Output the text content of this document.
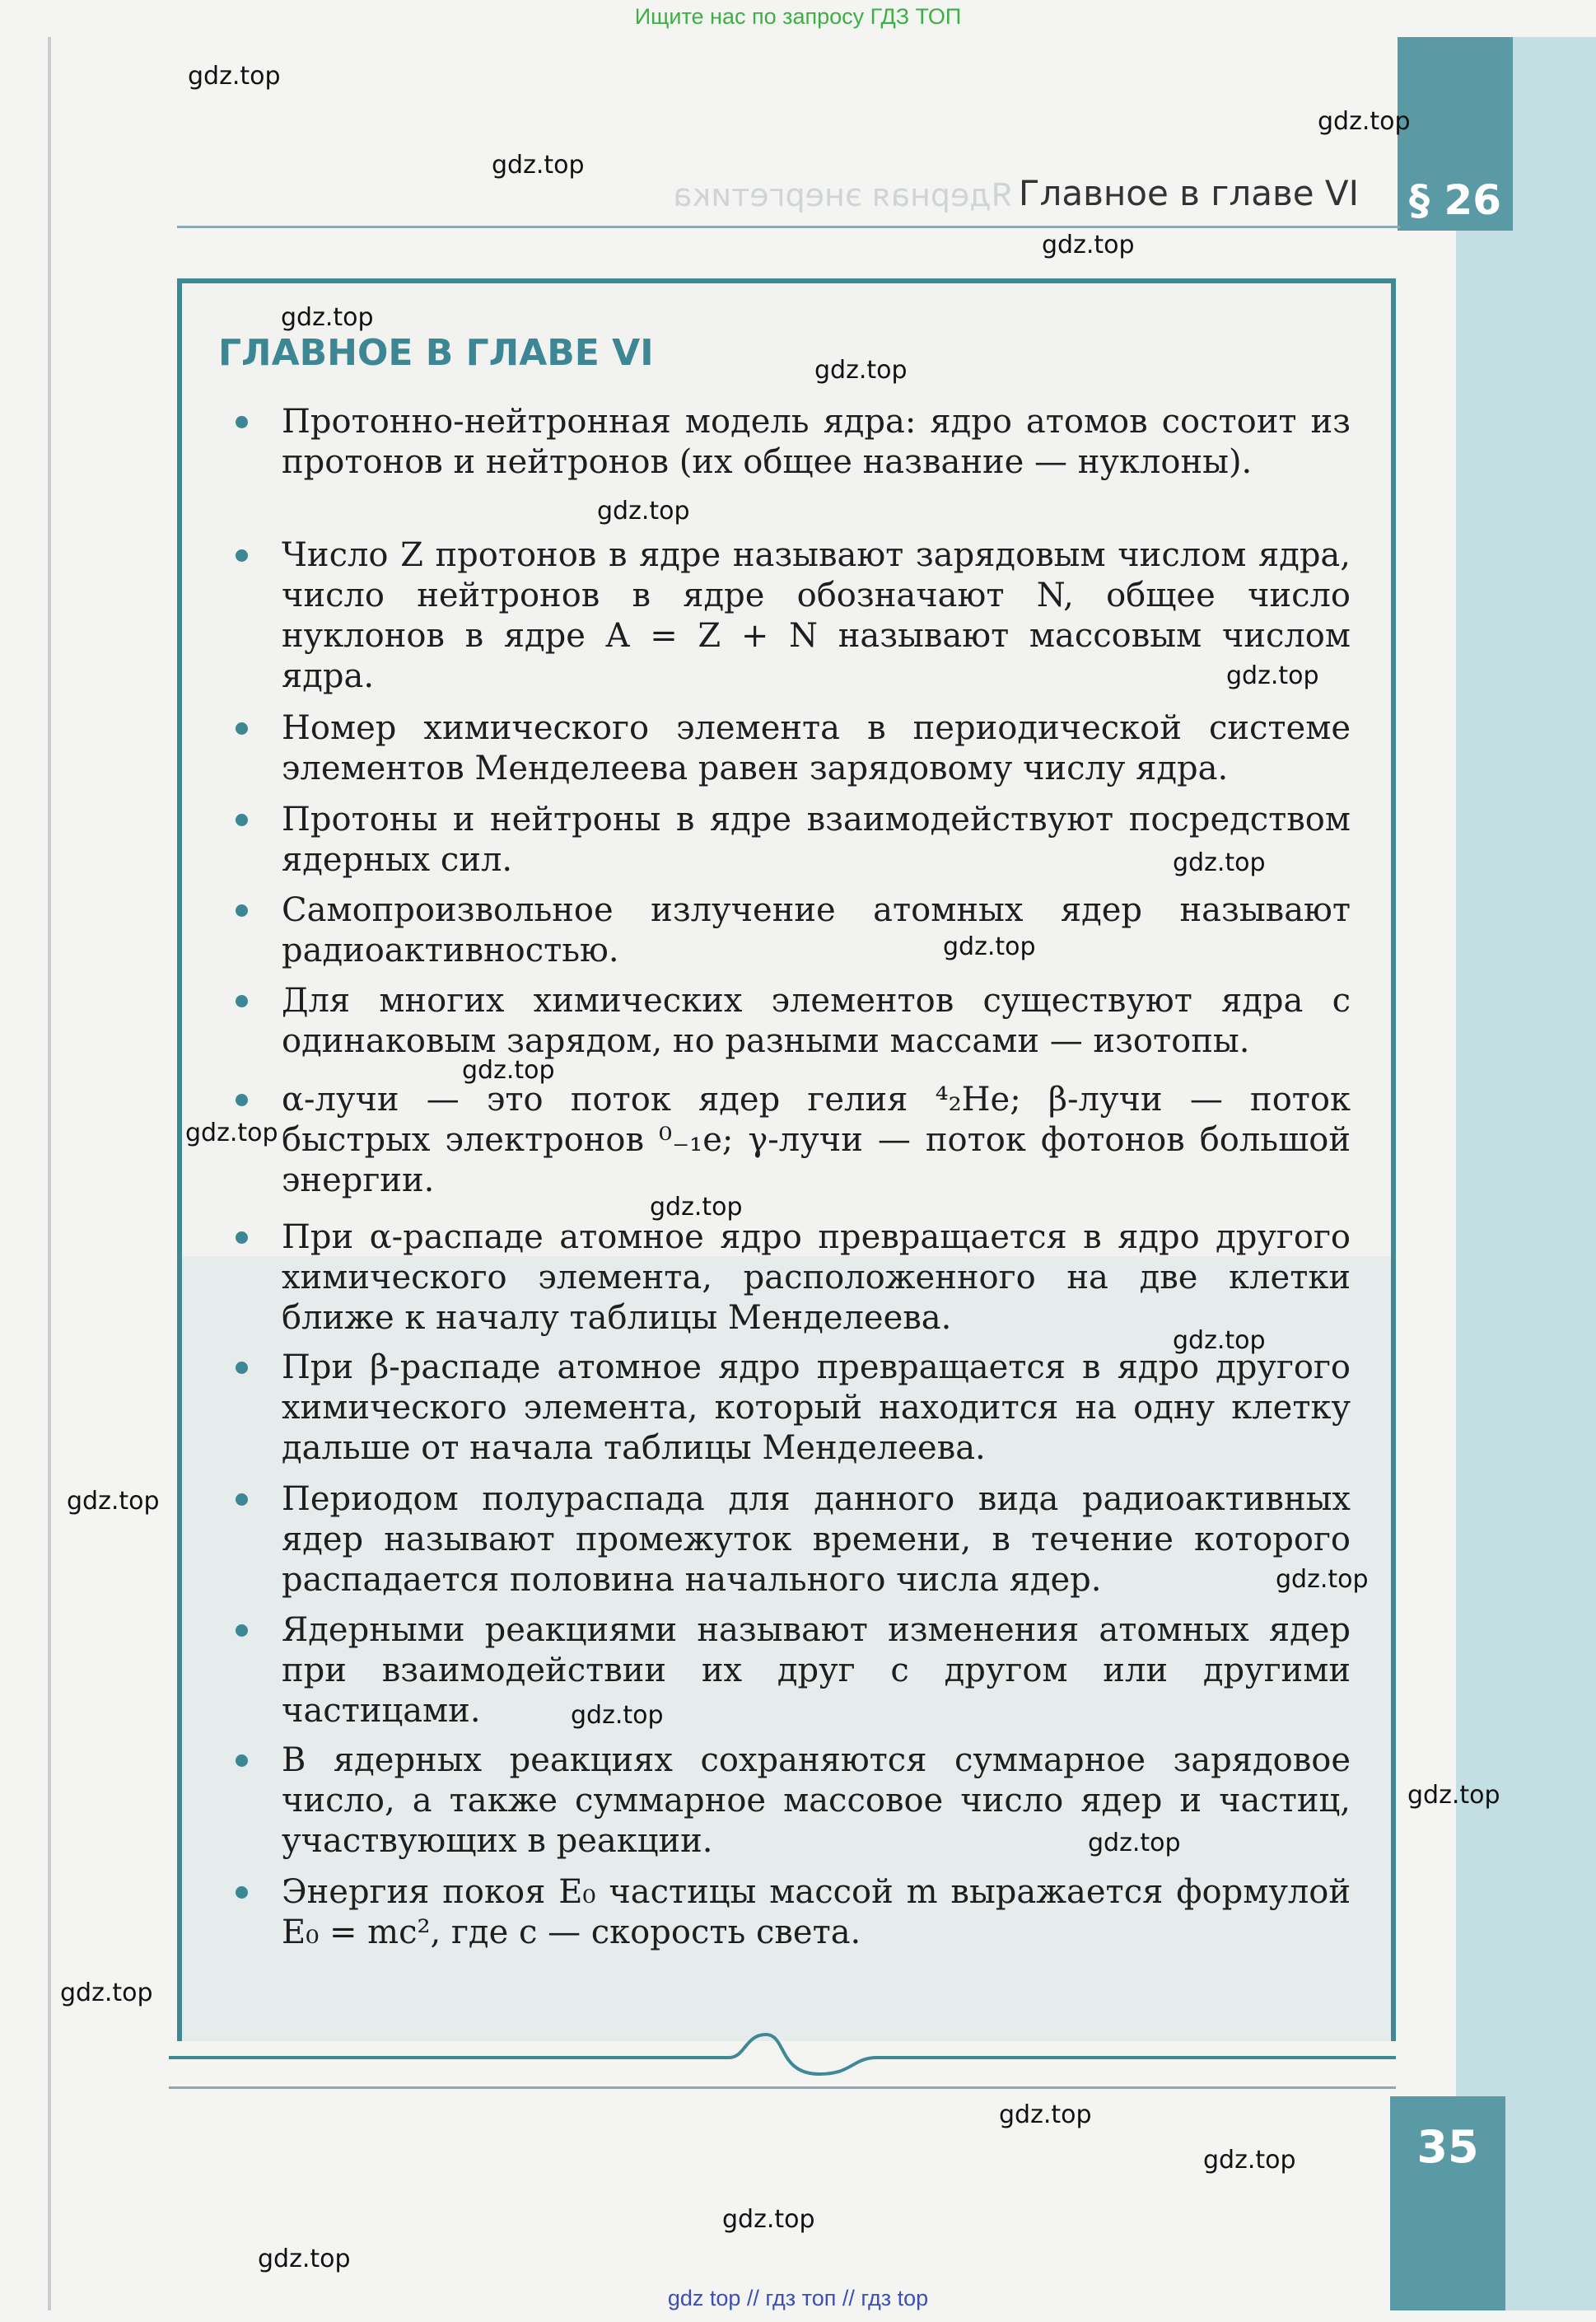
Ищите нас по запросу ГДЗ ТОП
Ядерная энергетика Главное в главе VI § 26
ГЛАВНОЕ В ГЛАВЕ VI
Протонно-нейтронная модель ядра: ядро атомов состоит из протонов и нейтронов (их общее название — нуклоны).
Число Z протонов в ядре называют зарядовым числом ядра, число нейтронов в ядре обозначают N, общее число нуклонов в ядре A = Z + N называют массовым числом ядра.
Номер химического элемента в периодической системе элементов Менделеева равен зарядовому числу ядра.
Протоны и нейтроны в ядре взаимодействуют посредством ядерных сил.
Самопроизвольное излучение атомных ядер называют радиоактивностью.
Для многих химических элементов существуют ядра с одинаковым зарядом, но разными массами — изотопы.
α-лучи — это поток ядер гелия ⁴₂He; β-лучи — поток быстрых электронов ⁰₋₁e; γ-лучи — поток фотонов большой энергии.
При α-распаде атомное ядро превращается в ядро другого химического элемента, расположенного на две клетки ближе к началу таблицы Менделеева.
При β-распаде атомное ядро превращается в ядро другого химического элемента, который находится на одну клетку дальше от начала таблицы Менделеева.
Периодом полураспада для данного вида радиоактивных ядер называют промежуток времени, в течение которого распадается половина начального числа ядер.
Ядерными реакциями называют изменения атомных ядер при взаимодействии их друг с другом или другими частицами.
В ядерных реакциях сохраняются суммарное зарядовое число, а также суммарное массовое число ядер и частиц, участвующих в реакции.
Энергия покоя E₀ частицы массой m выражается формулой E₀ = mc², где c — скорость света.
35
gdz.top
gdz.top
gdz.top
gdz.top
gdz.top
gdz.top
gdz.top
gdz.top
gdz.top
gdz.top
gdz.top
gdz.top
gdz.top
gdz.top
gdz.top
gdz.top
gdz.top
gdz.top
gdz.top
gdz.top
gdz.top
gdz.top
gdz.top
gdz.top
gdz top // гдз топ // гдз top
